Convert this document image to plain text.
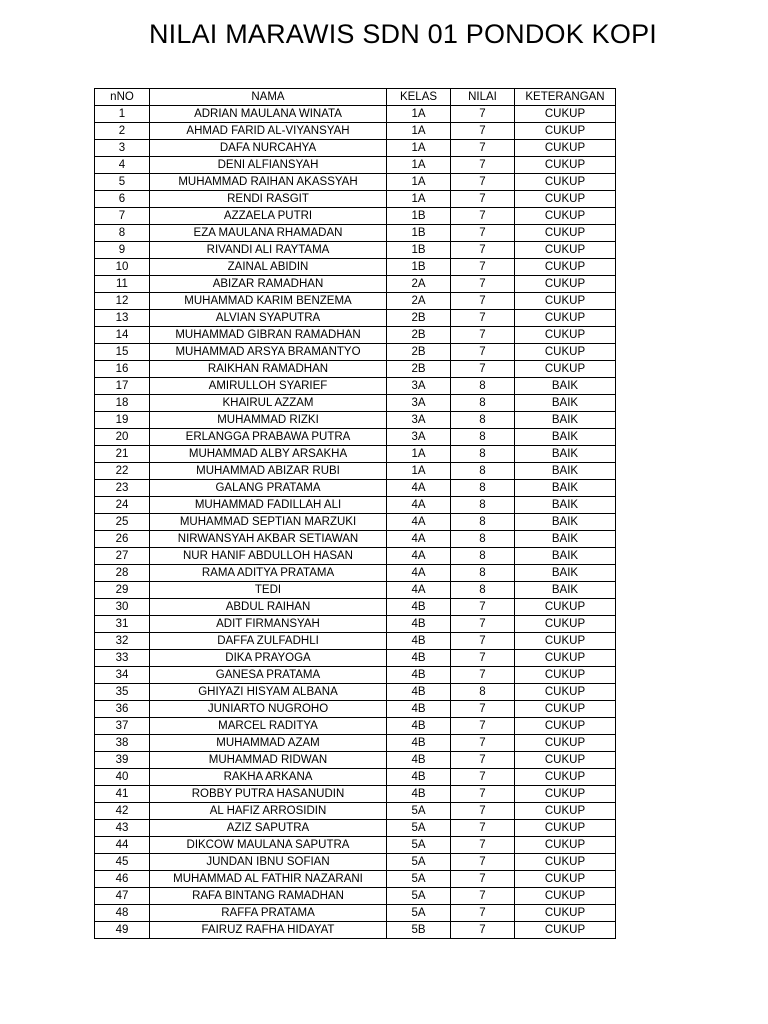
NILAI MARAWIS SDN 01 PONDOK KOPI
nNO	NAMA	KELAS	NILAI	KETERANGAN
1	ADRIAN MAULANA WINATA	1A	7	CUKUP
2	AHMAD FARID AL-VIYANSYAH	1A	7	CUKUP
3	DAFA NURCAHYA	1A	7	CUKUP
4	DENI ALFIANSYAH	1A	7	CUKUP
5	MUHAMMAD RAIHAN AKASSYAH	1A	7	CUKUP
6	RENDI RASGIT	1A	7	CUKUP
7	AZZAELA PUTRI	1B	7	CUKUP
8	EZA MAULANA RHAMADAN	1B	7	CUKUP
9	RIVANDI ALI RAYTAMA	1B	7	CUKUP
10	ZAINAL ABIDIN	1B	7	CUKUP
11	ABIZAR RAMADHAN	2A	7	CUKUP
12	MUHAMMAD KARIM BENZEMA	2A	7	CUKUP
13	ALVIAN SYAPUTRA	2B	7	CUKUP
14	MUHAMMAD GIBRAN RAMADHAN	2B	7	CUKUP
15	MUHAMMAD ARSYA BRAMANTYO	2B	7	CUKUP
16	RAIKHAN RAMADHAN	2B	7	CUKUP
17	AMIRULLOH SYARIEF	3A	8	BAIK
18	KHAIRUL AZZAM	3A	8	BAIK
19	MUHAMMAD RIZKI	3A	8	BAIK
20	ERLANGGA PRABAWA PUTRA	3A	8	BAIK
21	MUHAMMAD ALBY ARSAKHA	1A	8	BAIK
22	MUHAMMAD ABIZAR RUBI	1A	8	BAIK
23	GALANG PRATAMA	4A	8	BAIK
24	MUHAMMAD FADILLAH ALI	4A	8	BAIK
25	MUHAMMAD SEPTIAN MARZUKI	4A	8	BAIK
26	NIRWANSYAH AKBAR SETIAWAN	4A	8	BAIK
27	NUR HANIF ABDULLOH HASAN	4A	8	BAIK
28	RAMA ADITYA PRATAMA	4A	8	BAIK
29	TEDI	4A	8	BAIK
30	ABDUL RAIHAN	4B	7	CUKUP
31	ADIT FIRMANSYAH	4B	7	CUKUP
32	DAFFA ZULFADHLI	4B	7	CUKUP
33	DIKA PRAYOGA	4B	7	CUKUP
34	GANESA PRATAMA	4B	7	CUKUP
35	GHIYAZI HISYAM ALBANA	4B	8	CUKUP
36	JUNIARTO NUGROHO	4B	7	CUKUP
37	MARCEL RADITYA	4B	7	CUKUP
38	MUHAMMAD AZAM	4B	7	CUKUP
39	MUHAMMAD RIDWAN	4B	7	CUKUP
40	RAKHA ARKANA	4B	7	CUKUP
41	ROBBY PUTRA HASANUDIN	4B	7	CUKUP
42	AL HAFIZ ARROSIDIN	5A	7	CUKUP
43	AZIZ SAPUTRA	5A	7	CUKUP
44	DIKCOW MAULANA SAPUTRA	5A	7	CUKUP
45	JUNDAN IBNU SOFIAN	5A	7	CUKUP
46	MUHAMMAD AL FATHIR NAZARANI	5A	7	CUKUP
47	RAFA BINTANG RAMADHAN	5A	7	CUKUP
48	RAFFA PRATAMA	5A	7	CUKUP
49	FAIRUZ RAFHA HIDAYAT	5B	7	CUKUP
